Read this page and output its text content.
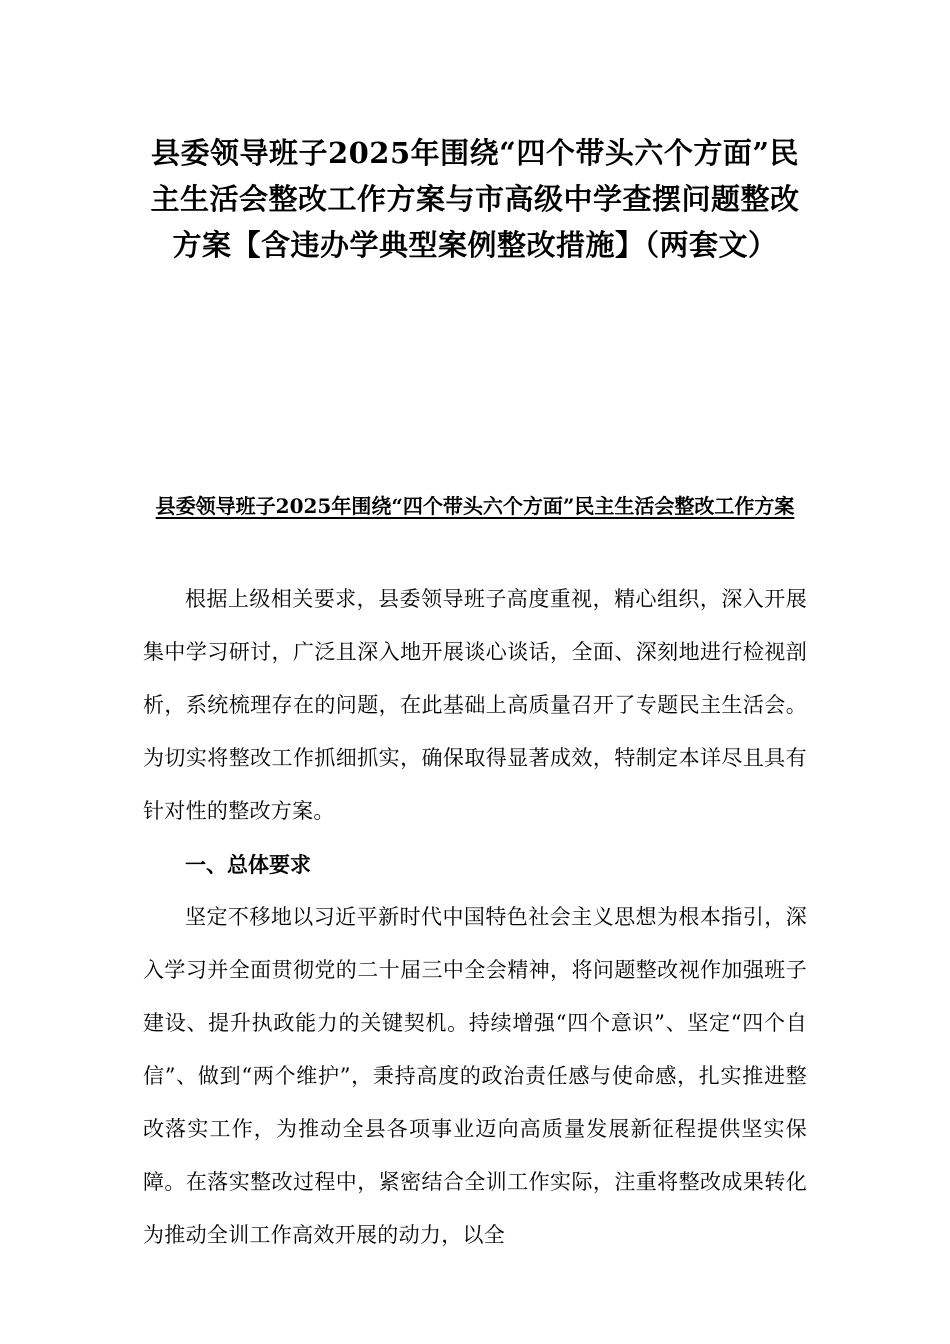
县委领导班子2025年围绕“四个带头六个方面”民主生活会整改工作方案与市高级中学查摆问题整改方案【含违办学典型案例整改措施】（两套文）
县委领导班子2025年围绕“四个带头六个方面”民主生活会整改工作方案

根据上级相关要求，县委领导班子高度重视，精心组织，深入开展集中学习研讨，广泛且深入地开展谈心谈话，全面、深刻地进行检视剖析，系统梳理存在的问题，在此基础上高质量召开了专题民主生活会。为切实将整改工作抓细抓实，确保取得显著成效，特制定本详尽且具有针对性的整改方案。

一、总体要求

坚定不移地以习近平新时代中国特色社会主义思想为根本指引，深入学习并全面贯彻党的二十届三中全会精神，将问题整改视作加强班子建设、提升执政能力的关键契机。持续增强“四个意识”、坚定“四个自信”、做到“两个维护”，秉持高度的政治责任感与使命感，扎实推进整改落实工作，为推动全县各项事业迈向高质量发展新征程提供坚实保障。在落实整改过程中，紧密结合全训工作实际，注重将整改成果转化为推动全训工作高效开展的动力，以全
